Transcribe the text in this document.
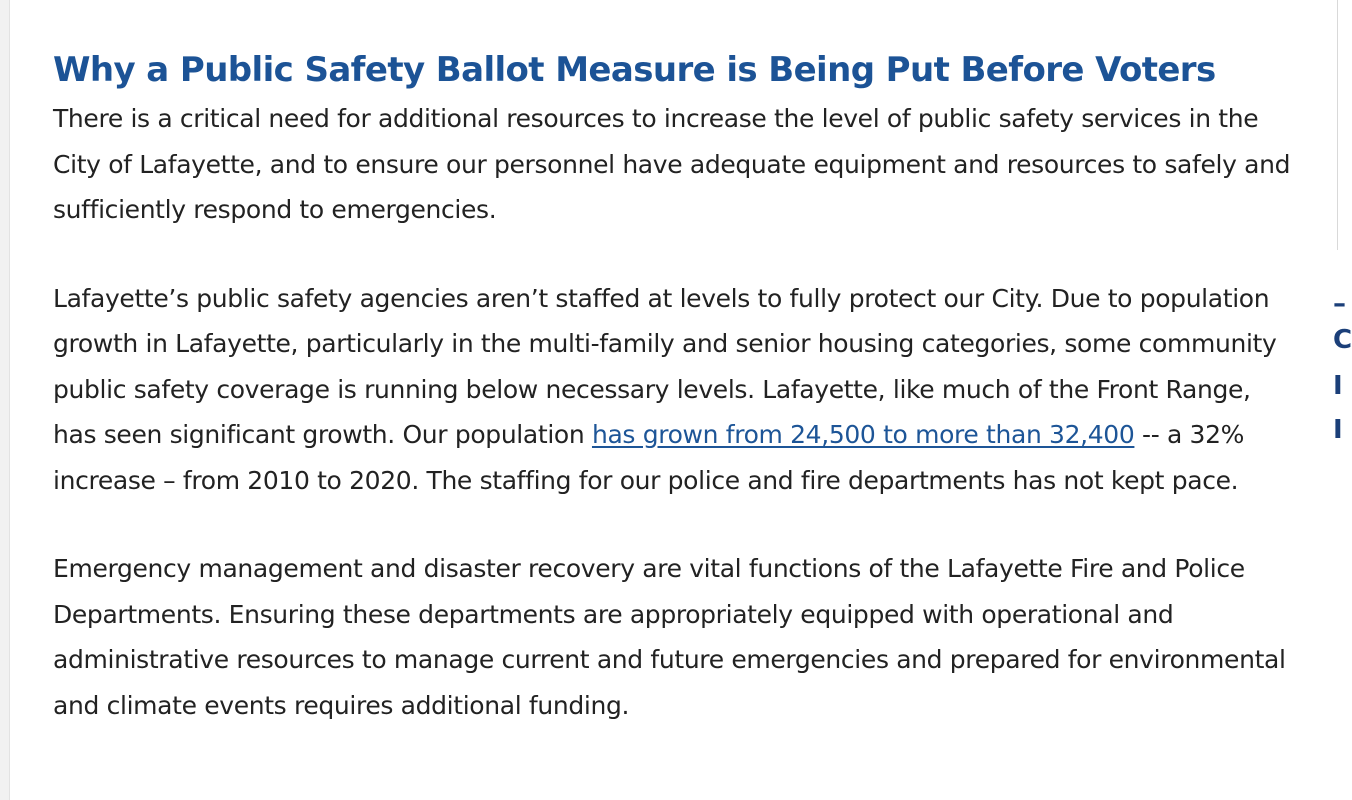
–
C
I
I
Why a Public Safety Ballot Measure is Being Put Before Voters

There is a critical need for additional resources to increase the level of public safety services in the City of Lafayette, and to ensure our personnel have adequate equipment and resources to safely and sufficiently respond to emergencies.

Lafayette’s public safety agencies aren’t staffed at levels to fully protect our City. Due to population growth in Lafayette, particularly in the multi-family and senior housing categories, some community public safety coverage is running below necessary levels. Lafayette, like much of the Front Range, has seen significant growth. Our population has grown from 24,500 to more than 32,400 -- a 32% increase – from 2010 to 2020. The staffing for our police and fire departments has not kept pace.

Emergency management and disaster recovery are vital functions of the Lafayette Fire and Police Departments. Ensuring these departments are appropriately equipped with operational and administrative resources to manage current and future emergencies and prepared for environmental and climate events requires additional funding.
